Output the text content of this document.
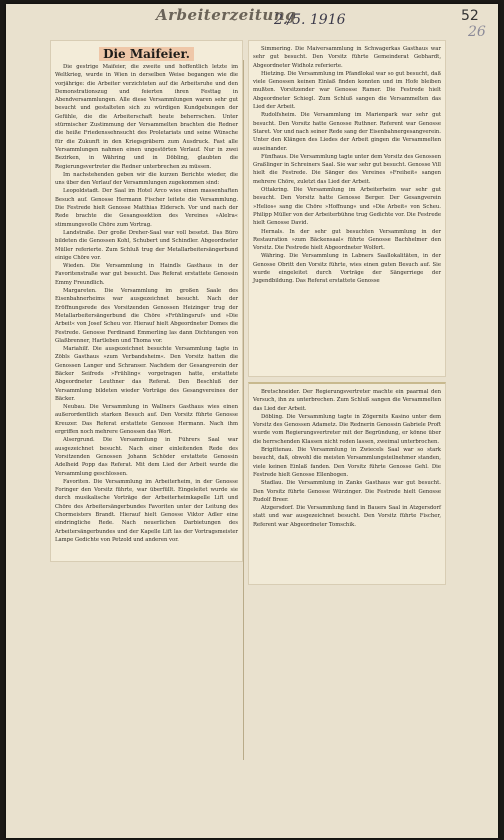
Arbeiterzeitung
2./5. 1916	52
26
Die Maifeier.

Die gestrige Maifeier, die zweite und hoffentlich letzte im Weltkrieg, wurde in Wien in derselben Weise begangen wie die vorjährige: die Arbeiter verzichteten auf die Arbeitsruhe und den Demonstrationszug und feierten ihren Festtag in Abendversammlungen. Alle diese Versammlungen waren sehr gut besucht und gestalteten sich zu würdigen Kundgebungen der Gefühle, die die Arbeiterschaft heute beherrschen. Unter stürmischer Zustimmung der Versammelten brachten die Redner die heiße Friedenssehnsucht des Proletariats und seine Wünsche für die Zukunft in den Kriegsgräbern zum Ausdruck. Fast alle Versammlungen nahmen einen ungestörten Verlauf. Nur in zwei Bezirken, in Währing und in Döbling, glaubten die Regierungsvertreter die Redner unterbrechen zu müssen.

Im nachstehenden geben wir die kurzen Berichte wieder, die uns über den Verlauf der Versammlungen zugekommen sind:

Leopoldstadt. Der Saal im Hotel Arco wies einen massenhaften Besuch auf. Genosse Hermann Fischer leitete die Versammlung. Die Festrede hielt Genosse Matthias Eldersch. Vor und nach der Rede brachte die Gesangssektion des Vereines »Alelra« stimmungsvolle Chöre zum Vortrag.

Landstraße. Der große Dreher-Saal war voll besetzt. Das Büro bildeten die Genossen Kohl, Schubert und Schindler. Abgeordneter Müller referierte. Zum Schluß trug der Metallarbeitersängerbund einige Chöre vor.

Wieden. Die Versammlung in Haindls Gasthaus in der Favoritenstraße war gut besucht. Das Referat erstattete Genossin Emmy Freundlich.

Margareten. Die Versammlung im großen Saale des Eisenbahnerheims war ausgezeichnet besucht. Nach der Eröffnungsrede des Vorsitzenden Genossen Heizinger trug der Metallarbeitersängerbund die Chöre »Frühlingsruf« und »Die Arbeit« von Josef Scheu vor. Hierauf hielt Abgeordneter Domes die Festrede. Genosse Ferdinand Emmerling las dann Dichtungen von Glaßbrenner, Hartleben und Thoma vor.

Mariahilf. Die ausgezeichnet besuchte Versammlung tagte in Zöbls Gasthaus »zum Verbandsheim«. Den Vorsitz hatten die Genossen Langer und Schranser. Nachdem der Gesangverein der Bäcker Seifreds »Frühling« vorgetragen hatte, erstattete Abgeordneter Leuthner das Referat. Den Beschluß der Versammlung bildeten wieder Vorträge des Gesangvereines der Bäcker.

Neubau. Die Versammlung in Wallners Gasthaus wies einen außerordentlich starken Besuch auf. Den Vorsitz führte Genosse Kreuzer. Das Referat erstattete Genosse Hermann. Nach ihm ergriffen noch mehrere Genossen das Wort.

Alsergrund. Die Versammlung in Führers Saal war ausgezeichnet besucht. Nach einer einleitenden Rede des Vorsitzenden Genossen Johann Schöder erstattete Genossin Adelheid Popp das Referat. Mit dem Lied der Arbeit wurde die Versammlung geschlossen.

Favoriten. Die Versammlung im Arbeiterheim, in der Genosse Foringer den Vorsitz führte, war überfüllt. Eingeleitet wurde sie durch musikalische Vorträge der Arbeiterheimkapelle Lift und Chöre des Arbeitersängerbundes Favoriten unter der Leitung des Chormeisters Brandt. Hierauf hielt Genosse Viktor Adler eine eindringliche Rede. Nach neuerlichen Darbietungen des Arbeitersängerbundes und der Kapelle Lift las der Vortragsmeister Lampe Gedichte von Petzold und anderen vor.

Simmering. Die Maiversammlung in Schwagerkas Gasthaus war sehr gut besucht. Den Vorsitz führte Gemeinderat Gebhardt, Abgeordneter Widholz referierte.

Hietzing. Die Versammlung im Pfandlokal war so gut besucht, daß viele Genossen keinen Einlaß finden konnten und im Hofe bleiben mußten. Vorsitzender war Genosse Ramer. Die Festrede hielt Abgeordneter Schiegl. Zum Schluß sangen die Versammelten das Lied der Arbeit.

Rudolfsheim. Die Versammlung im Marienpark war sehr gut besucht. Den Vorsitz hatte Genosse Ruthner. Referent war Genosse Staret. Vor und nach seiner Rede sang der Eisenbahnergesangverein. Unter den Klängen des Liedes der Arbeit gingen die Versammelten auseinander.

Fünfhaus. Die Versammlung tagte unter dem Vorsitz des Genossen Graßlinger in Schreiners Saal. Sie war sehr gut besucht. Genosse Vill hielt die Festrede. Die Sänger des Vereines »Freiheit« sangen mehrere Chöre, zuletzt das Lied der Arbeit.

Ottakring. Die Versammlung im Arbeiterheim war sehr gut besucht. Den Vorsitz hatte Genosse Berger. Der Gesangverein »Helios« sang die Chöre »Hoffnung« und »Die Arbeit« von Scheu. Philipp Müller von der Arbeiterbühne trug Gedichte vor. Die Festrede hielt Genosse David.

Hernals. In der sehr gut besuchten Versammlung in der Restauration »zum Bäckensaal« führte Genosse Bachhelmer den Vorsitz. Die Festrede hielt Abgeordneter Wolfert.

Währing. Die Versammlung in Labners Saallokalitäten, in der Genosse Obritt den Vorsitz führte, wies einen guten Besuch auf. Sie wurde eingeleitet durch Vorträge der Sängerriege der Jugendbildung. Das Referat erstattete Genosse

Bretschneider. Der Regierungsvertreter machte ein paarmal den Versuch, ihn zu unterbrechen. Zum Schluß sangen die Versammelten das Lied der Arbeit.

Döbling. Die Versammlung tagte in Zögernits Kasino unter dem Vorsitz des Genossen Adametz. Die Rednerin Genossin Gabriele Proft wurde vom Regierungsvertreter mit der Begründung, er könne über die herrschenden Klassen nicht reden lassen, zweimal unterbrochen.

Brigittenau. Die Versammlung in Zwiecels Saal war so stark besucht, daß, obwohl die meisten Versammlungsteilnehmer standen, viele keinen Einlaß fanden. Den Vorsitz führte Genosse Gehl. Die Festrede hielt Genosse Ellenbogen.

Stadlau. Die Versammlung in Zanks Gasthaus war gut besucht. Den Vorsitz führte Genosse Würzinger. Die Festrede hielt Genosse Rudolf Breer.

Atzgersdorf. Die Versammlung fand in Bauers Saal in Atzgersdorf statt und war ausgezeichnet besucht. Den Vorsitz führte Fischer, Referent war Abgeordneter Tomschik.
